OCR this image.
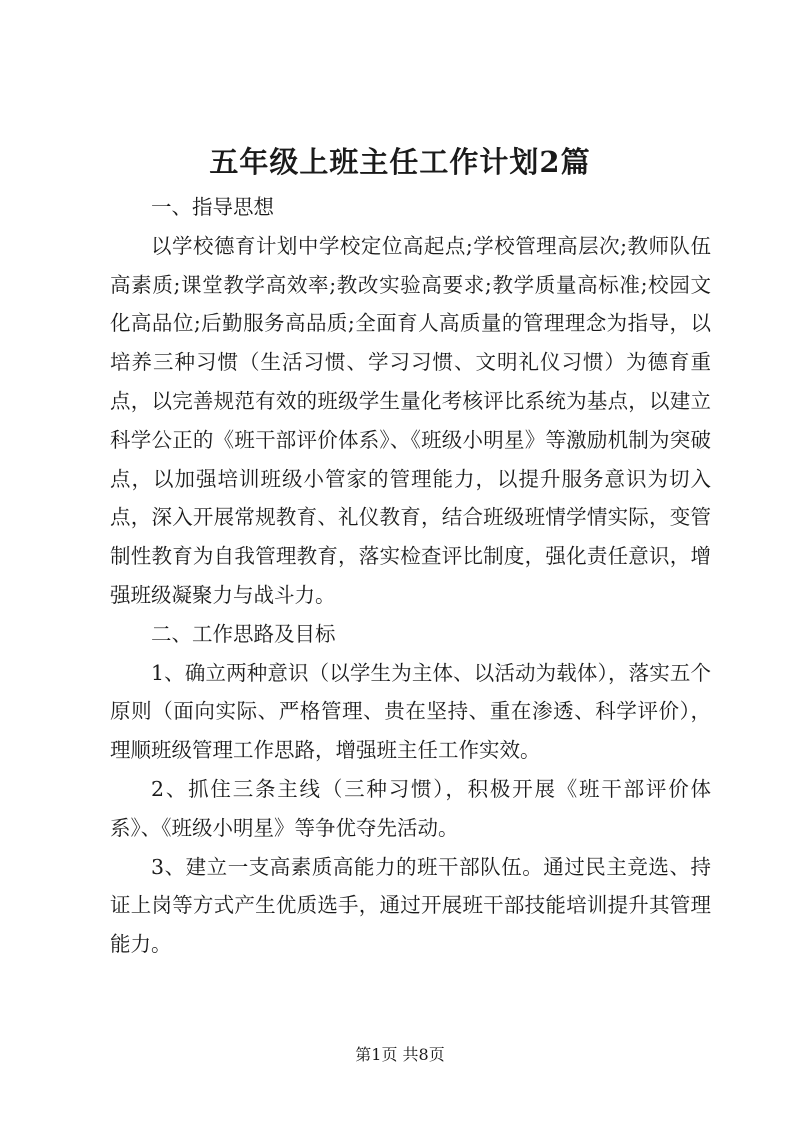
五年级上班主任工作计划2篇

一、指导思想

以学校德育计划中学校定位高起点;学校管理高层次;教师队伍高素质;课堂教学高效率;教改实验高要求;教学质量高标准;校园文化高品位;后勤服务高品质;全面育人高质量的管理理念为指导，以培养三种习惯（生活习惯、学习习惯、文明礼仪习惯）为德育重点，以完善规范有效的班级学生量化考核评比系统为基点，以建立科学公正的《班干部评价体系》、《班级小明星》等激励机制为突破点，以加强培训班级小管家的管理能力，以提升服务意识为切入点，深入开展常规教育、礼仪教育，结合班级班情学情实际，变管制性教育为自我管理教育，落实检查评比制度，强化责任意识，增强班级凝聚力与战斗力。

二、工作思路及目标

1、确立两种意识（以学生为主体、以活动为载体），落实五个原则（面向实际、严格管理、贵在坚持、重在渗透、科学评价），理顺班级管理工作思路，增强班主任工作实效。

2、抓住三条主线（三种习惯），积极开展《班干部评价体系》、《班级小明星》等争优夺先活动。

3、建立一支高素质高能力的班干部队伍。通过民主竞选、持证上岗等方式产生优质选手，通过开展班干部技能培训提升其管理能力。

第1页 共8页
